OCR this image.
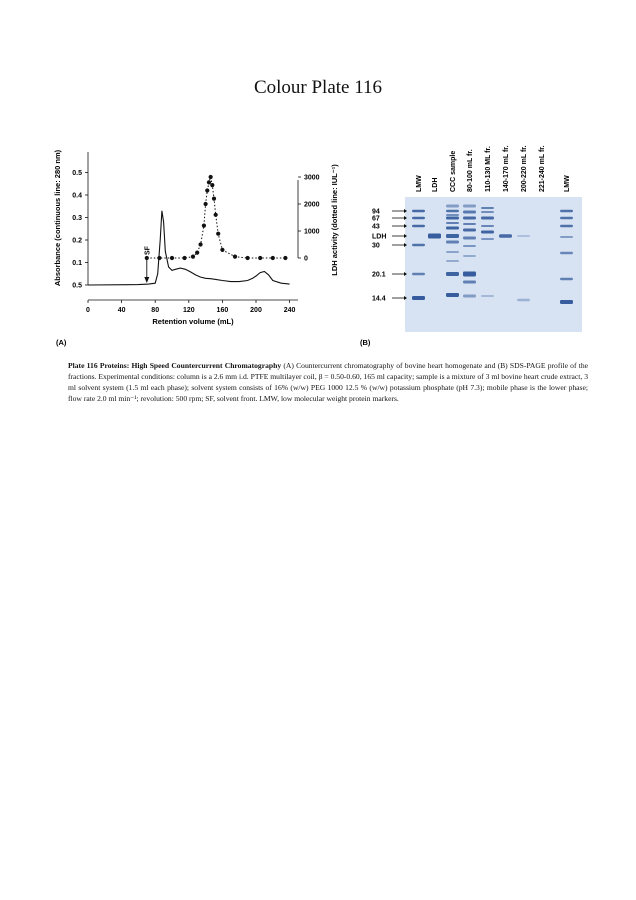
Colour Plate 116
0.5
0.1
0.2
0.3
0.4
0.5
0
1000
2000
3000
0	40	80	120	160	200	240
Retention volume (mL)
Absorbance (continuous line: 280 nm)	LDH activity (dotted line: IUL⁻¹)
(A)
SF
LMW LDH CCC sample 80-100 mL fr. 110-130 ML fr. 140-170 mL fr. 200-220 mL fr. 221-240 mL fr.	LMW
94
67
43
LDH
30
20.1
14.4
(B)
Plate 116 Proteins: High Speed Countercurrent Chromatography (A) Countercurrent chromatography of bovine heart homogenate and (B) SDS-PAGE profile of the fractions. Experimental conditions: column is a 2.6 mm i.d. PTFE multilayer coil, β = 0.50-0.60, 165 ml capacity; sample is a mixture of 3 ml bovine heart crude extract, 3 ml solvent system (1.5 ml each phase); solvent system consists of 16% (w/w) PEG 1000 12.5 % (w/w) potassium phosphate (pH 7.3); mobile phase is the lower phase; flow rate 2.0 ml min⁻¹; revolution: 500 rpm; SF, solvent front. LMW, low molecular weight protein markers.
